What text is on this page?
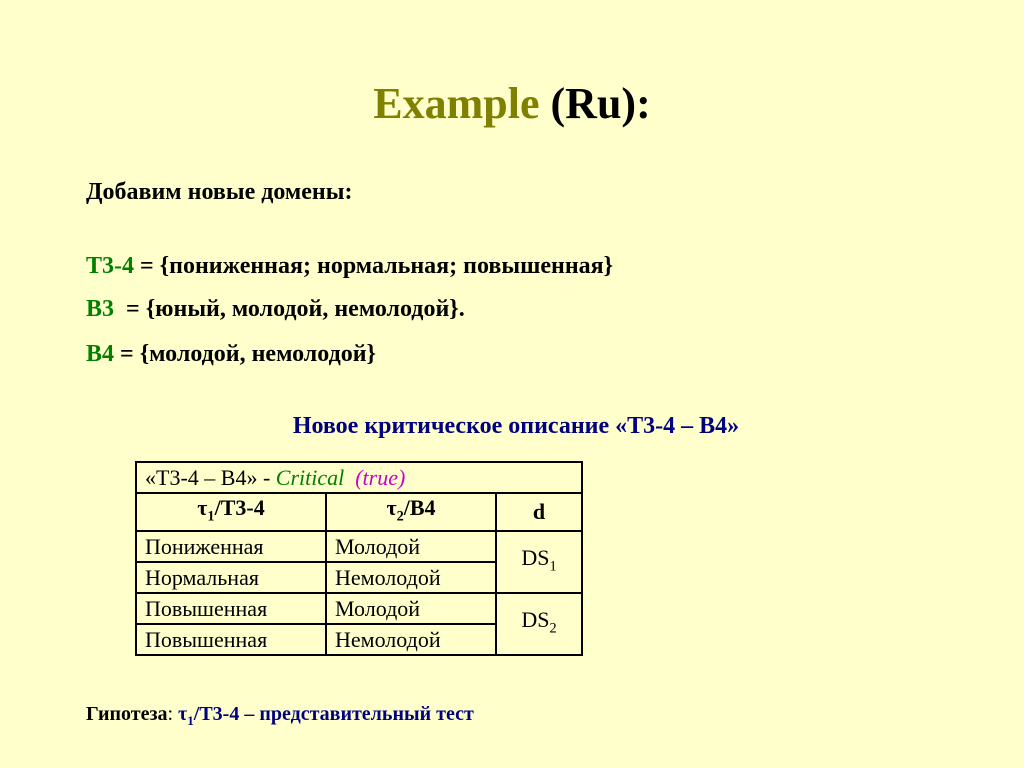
Example (Ru):
Добавим новые домены:
T3-4 = {пониженная; нормальная; повышенная}
B3  = {юный, молодой, немолодой}.
B4 = {молодой, немолодой}
Новое критическое описание «T3-4 – B4»
«T3-4 – B4» - Critical (true)		
$\tau_1/T3-4$	$\tau_2/B4$	d
Пониженная	Молодой	$DS_1$
Нормальная	Немолодой	
Повышенная	Молодой	$DS_2$
Повышенная	Немолодой	
Гипотеза: $\tau_1/T3-4$ – представительный тест
